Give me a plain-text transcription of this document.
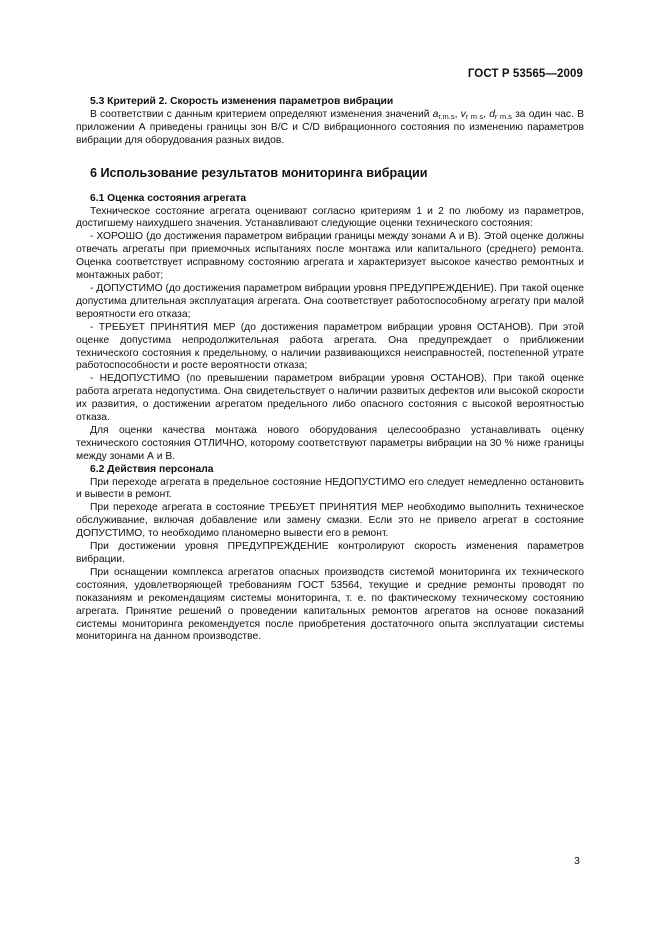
ГОСТ Р 53565—2009

5.3 Критерий 2. Скорость изменения параметров вибрации

В соответствии с данным критерием определяют изменения значений $a_{r.m.s}$, $v_{r m s}$, $d_{r m.s}$ за один час. В приложении А приведены границы зон B/C и C/D вибрационного состояния по изменению параметров вибрации для оборудования разных видов.

6 Использование результатов мониторинга вибрации

6.1 Оценка состояния агрегата

Техническое состояние агрегата оценивают согласно критериям 1 и 2 по любому из параметров, достигшему наихудшего значения. Устанавливают следующие оценки технического состояния:

- ХОРОШО (до достижения параметром вибрации границы между зонами А и В). Этой оценке должны отвечать агрегаты при приемочных испытаниях после монтажа или капитального (среднего) ремонта. Оценка соответствует исправному состоянию агрегата и характеризует высокое качество ремонтных и монтажных работ;

- ДОПУСТИМО (до достижения параметром вибрации уровня ПРЕДУПРЕЖДЕНИЕ). При такой оценке допустима длительная эксплуатация агрегата. Она соответствует работоспособному агрегату при малой вероятности его отказа;

- ТРЕБУЕТ ПРИНЯТИЯ МЕР (до достижения параметром вибрации уровня ОСТАНОВ). При этой оценке допустима непродолжительная работа агрегата. Она предупреждает о приближении технического состояния к предельному, о наличии развивающихся неисправностей, постепенной утрате работоспособности и росте вероятности отказа;

- НЕДОПУСТИМО (по превышении параметром вибрации уровня ОСТАНОВ). При такой оценке работа агрегата недопустима. Она свидетельствует о наличии развитых дефектов или высокой скорости их развития, о достижении агрегатом предельного либо опасного состояния с высокой вероятностью отказа.

Для оценки качества монтажа нового оборудования целесообразно устанавливать оценку технического состояния ОТЛИЧНО, которому соответствуют параметры вибрации на 30 % ниже границы между зонами А и В.

6.2 Действия персонала

При переходе агрегата в предельное состояние НЕДОПУСТИМО его следует немедленно остановить и вывести в ремонт.

При переходе агрегата в состояние ТРЕБУЕТ ПРИНЯТИЯ МЕР необходимо выполнить техническое обслуживание, включая добавление или замену смазки. Если это не привело агрегат в состояние ДОПУСТИМО, то необходимо планомерно вывести его в ремонт.

При достижении уровня ПРЕДУПРЕЖДЕНИЕ контролируют скорость изменения параметров вибрации.

При оснащении комплекса агрегатов опасных производств системой мониторинга их технического состояния, удовлетворяющей требованиям ГОСТ 53564, текущие и средние ремонты проводят по показаниям и рекомендациям системы мониторинга, т. е. по фактическому техническому состоянию агрегата. Принятие решений о проведении капитальных ремонтов агрегатов на основе показаний системы мониторинга рекомендуется после приобретения достаточного опыта эксплуатации системы мониторинга на данном производстве.

3
